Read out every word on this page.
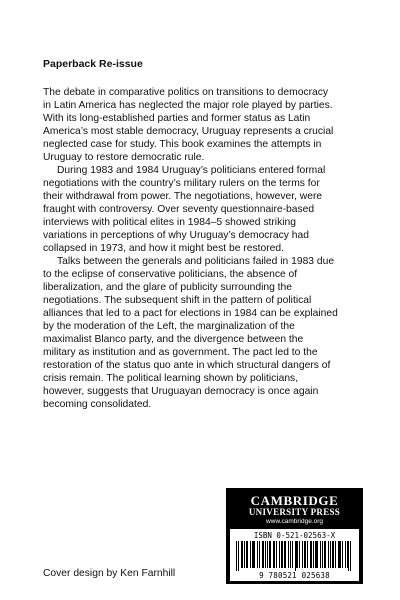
Paperback Re-issue

The debate in comparative politics on transitions to democracy
in Latin America has neglected the major role played by parties.
With its long-established parties and former status as Latin
America’s most stable democracy, Uruguay represents a crucial
neglected case for study. This book examines the attempts in
Uruguay to restore democratic rule.

During 1983 and 1984 Uruguay’s politicians entered formal
negotiations with the country’s military rulers on the terms for
their withdrawal from power. The negotiations, however, were
fraught with controversy. Over seventy questionnaire-based
interviews with political elites in 1984–5 showed striking
variations in perceptions of why Uruguay’s democracy had
collapsed in 1973, and how it might best be restored.

Talks between the generals and politicians failed in 1983 due
to the eclipse of conservative politicians, the absence of
liberalization, and the glare of publicity surrounding the
negotiations. The subsequent shift in the pattern of political
alliances that led to a pact for elections in 1984 can be explained
by the moderation of the Left, the marginalization of the
maximalist Blanco party, and the divergence between the
military as institution and as government. The pact led to the
restoration of the status quo ante in which structural dangers of
crisis remain. The political learning shown by politicians,
however, suggests that Uruguayan democracy is once again
becoming consolidated.

CAMBRIDGE
UNIVERSITY PRESS
www.cambridge.org
ISBN 0-521-02563-X
9 780521 025638

Cover design by Ken Farnhill
